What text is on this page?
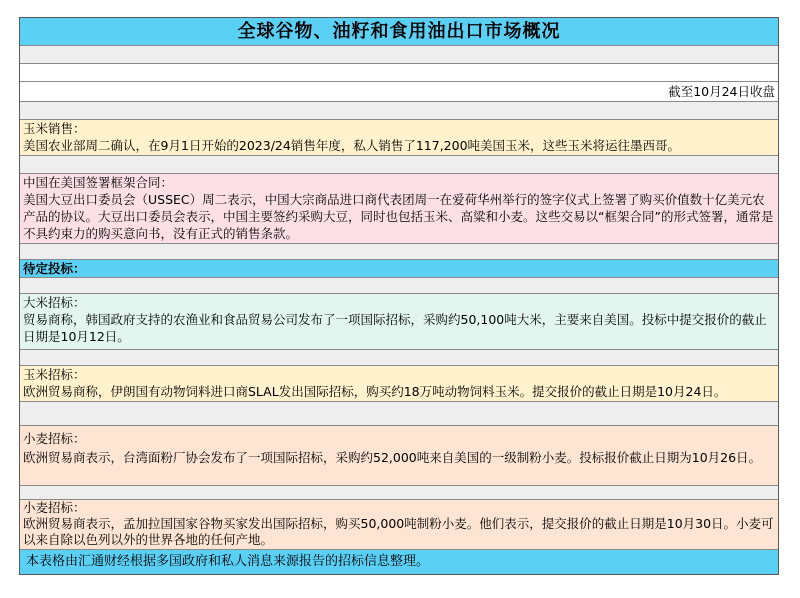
全球谷物、油籽和食用油出口市场概况
截至10月24日收盘
玉米销售：
美国农业部周二确认，在9月1日开始的2023/24销售年度，私人销售了117,200吨美国玉米，这些玉米将运往墨西哥。
中国在美国签署框架合同：
美国大豆出口委员会（USSEC）周二表示，中国大宗商品进口商代表团周一在爱荷华州举行的签字仪式上签署了购买价值数十亿美元农产品的协议。大豆出口委员会表示，中国主要签约采购大豆，同时也包括玉米、高粱和小麦。这些交易以“框架合同”的形式签署，通常是不具约束力的购买意向书，没有正式的销售条款。
待定投标：
大米招标：
贸易商称，韩国政府支持的农渔业和食品贸易公司发布了一项国际招标，采购约50,100吨大米，主要来自美国。投标中提交报价的截止日期是10月12日。
玉米招标：
欧洲贸易商称，伊朗国有动物饲料进口商SLAL发出国际招标，购买约18万吨动物饲料玉米。提交报价的截止日期是10月24日。
小麦招标：
欧洲贸易商表示，台湾面粉厂协会发布了一项国际招标，采购约52,000吨来自美国的一级制粉小麦。投标报价截止日期为10月26日。
小麦招标：
欧洲贸易商表示，孟加拉国国家谷物买家发出国际招标，购买50,000吨制粉小麦。他们表示，提交报价的截止日期是10月30日。小麦可以来自除以色列以外的世界各地的任何产地。
本表格由汇通财经根据多国政府和私人消息来源报告的招标信息整理。
